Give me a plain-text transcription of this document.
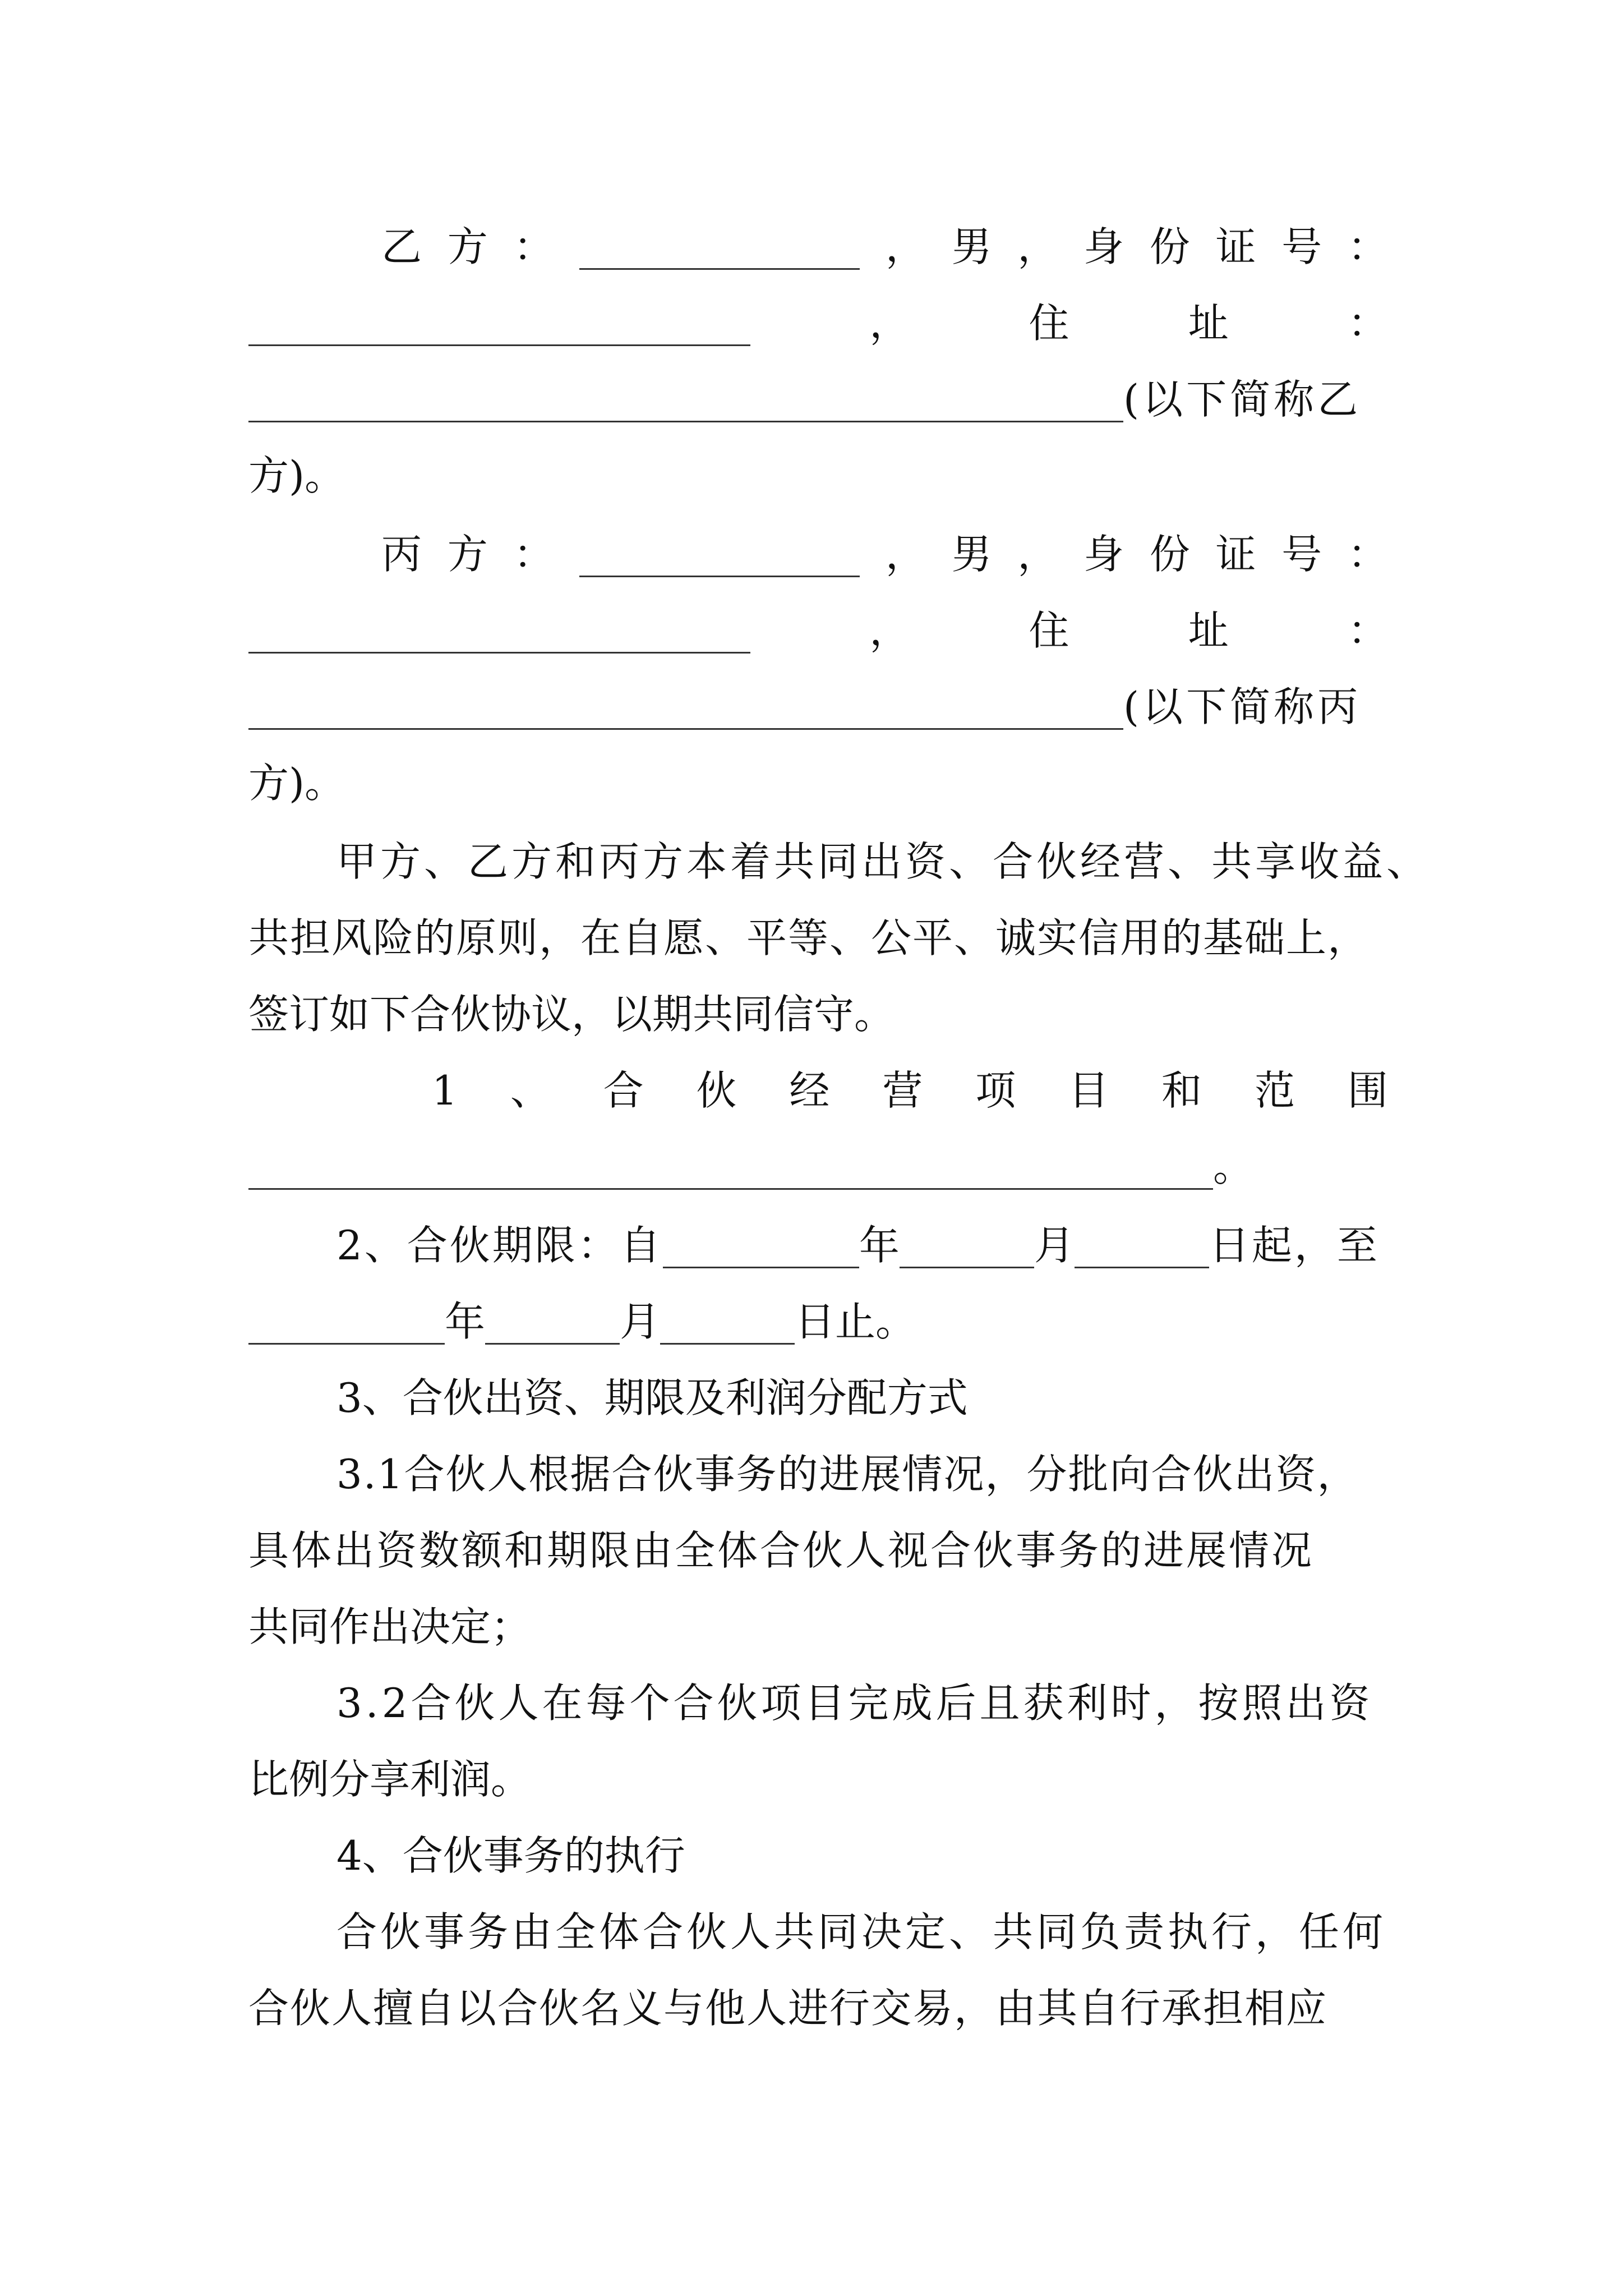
乙 方 ：	， 男 ， 身 份 证 号 ：
，	住	址	：
(以下简称乙
方)。
丙 方 ：	， 男 ， 身 份 证 号 ：
，	住	址	：
(以下简称丙
方)。
甲方、乙方和丙方本着共同出资、合伙经营、共享收益、
共担风险的原则，在自愿、平等、公平、诚实信用的基础上，
签订如下合伙协议，以期共同信守。
1 、 合 伙 经 营 项 目 和 范 围
。
2、合伙期限：自	年	月	日起，至
年	月	日止。
3、合伙出资、期限及利润分配方式
3.1合伙人根据合伙事务的进展情况，分批向合伙出资，
具体出资数额和期限由全体合伙人视合伙事务的进展情况
共同作出决定；
3.2合伙人在每个合伙项目完成后且获利时，按照出资
比例分享利润。
4、合伙事务的执行
合伙事务由全体合伙人共同决定、共同负责执行，任何
合伙人擅自以合伙名义与他人进行交易，由其自行承担相应
